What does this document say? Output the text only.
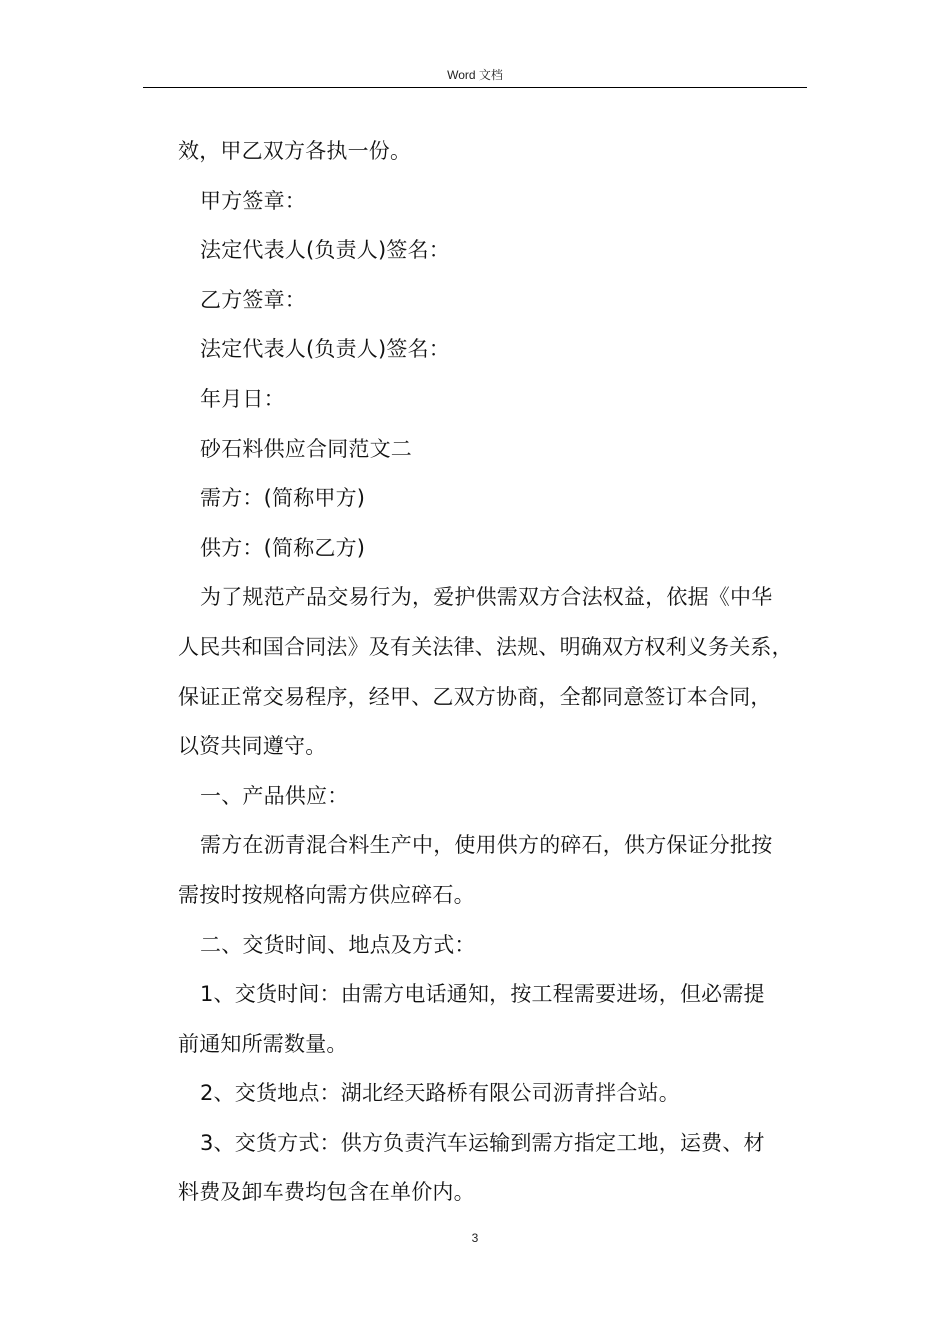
Word 文档
效，甲乙双方各执一份。
甲方签章：
法定代表人(负责人)签名：
乙方签章：
法定代表人(负责人)签名：
年月日：
砂石料供应合同范文二
需方：(简称甲方)
供方：(简称乙方)
为了规范产品交易行为，爱护供需双方合法权益，依据《中华
人民共和国合同法》及有关法律、法规、明确双方权利义务关系，
保证正常交易程序，经甲、乙双方协商，全都同意签订本合同，
以资共同遵守。
一、产品供应：
需方在沥青混合料生产中，使用供方的碎石，供方保证分批按
需按时按规格向需方供应碎石。
二、交货时间、地点及方式：
1、交货时间：由需方电话通知，按工程需要进场，但必需提
前通知所需数量。
2、交货地点：湖北经天路桥有限公司沥青拌合站。
3、交货方式：供方负责汽车运输到需方指定工地，运费、材
料费及卸车费均包含在单价内。
3
